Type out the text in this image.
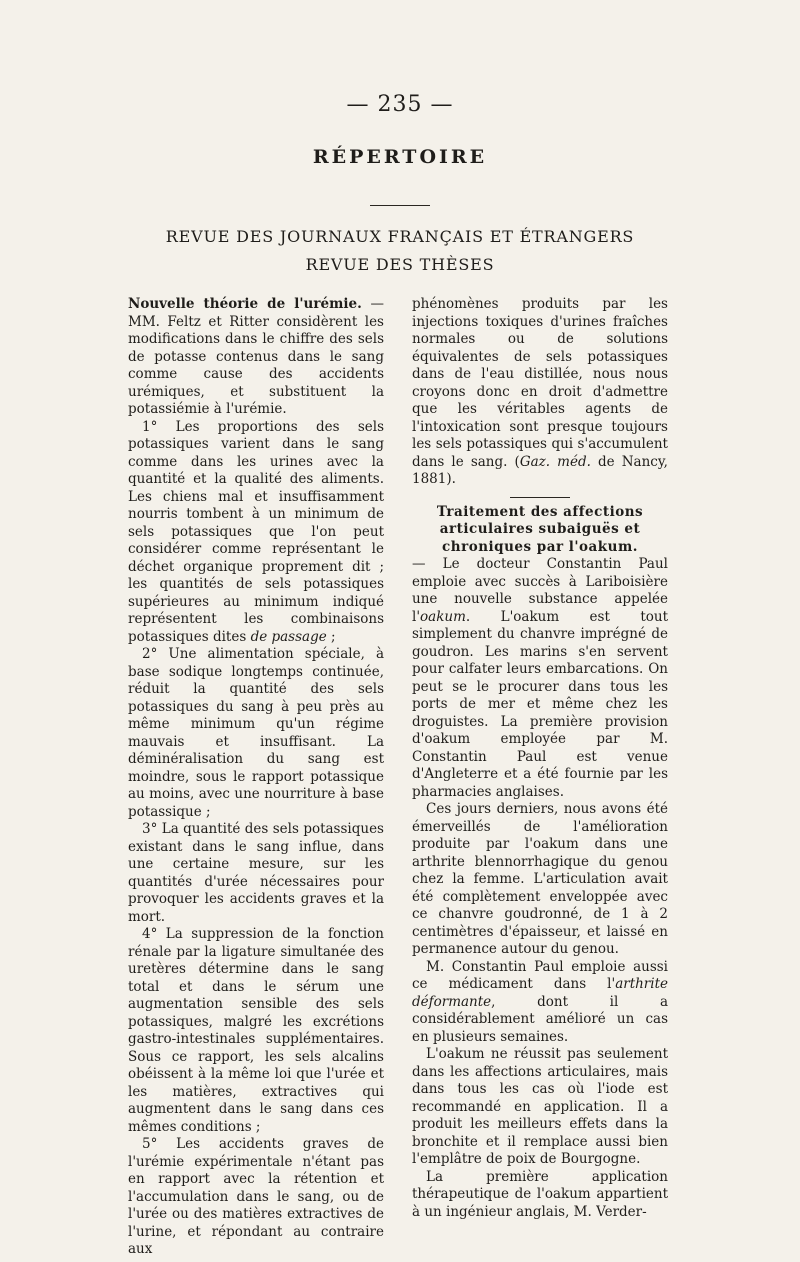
— 235 —
RÉPERTOIRE
REVUE DES JOURNAUX FRANÇAIS ET ÉTRANGERS
REVUE DES THÈSES

Nouvelle théorie de l'urémie. — MM. Feltz et Ritter considèrent les modifications dans le chiffre des sels de potasse contenus dans le sang comme cause des accidents urémiques, et substituent la potassiémie à l'urémie.

1° Les proportions des sels potassiques varient dans le sang comme dans les urines avec la quantité et la qualité des aliments. Les chiens mal et insuffisamment nourris tombent à un minimum de sels potassiques que l'on peut considérer comme représentant le déchet organique proprement dit ; les quantités de sels potassiques supérieures au minimum indiqué représentent les combinaisons potassiques dites de passage ;

2° Une alimentation spéciale, à base sodique longtemps continuée, réduit la quantité des sels potassiques du sang à peu près au même minimum qu'un régime mauvais et insuffisant. La déminéralisation du sang est moindre, sous le rapport potassique au moins, avec une nourriture à base potassique ;

3° La quantité des sels potassiques existant dans le sang influe, dans une certaine mesure, sur les quantités d'urée nécessaires pour provoquer les accidents graves et la mort.

4° La suppression de la fonction rénale par la ligature simultanée des uretères détermine dans le sang total et dans le sérum une augmentation sensible des sels potassiques, malgré les excrétions gastro-intestinales supplémentaires. Sous ce rapport, les sels alcalins obéissent à la même loi que l'urée et les matières, extractives qui augmentent dans le sang dans ces mêmes conditions ;

5° Les accidents graves de l'urémie expérimentale n'étant pas en rapport avec la rétention et l'accumulation dans le sang, ou de l'urée ou des matières extractives de l'urine, et répondant au contraire aux

phénomènes produits par les injections toxiques d'urines fraîches normales ou de solutions équivalentes de sels potassiques dans de l'eau distillée, nous nous croyons donc en droit d'admettre que les véritables agents de l'intoxication sont presque toujours les sels potassiques qui s'accumulent dans le sang. (Gaz. méd. de Nancy, 1881).

Traitement des affections articulaires subaiguës et chroniques par l'oakum.

— Le docteur Constantin Paul emploie avec succès à Lariboisière une nouvelle substance appelée l'oakum. L'oakum est tout simplement du chanvre imprégné de goudron. Les marins s'en servent pour calfater leurs embarcations. On peut se le procurer dans tous les ports de mer et même chez les droguistes. La première provision d'oakum employée par M. Constantin Paul est venue d'Angleterre et a été fournie par les pharmacies anglaises.

Ces jours derniers, nous avons été émerveillés de l'amélioration produite par l'oakum dans une arthrite blennorrhagique du genou chez la femme. L'articulation avait été complètement enveloppée avec ce chanvre goudronné, de 1 à 2 centimètres d'épaisseur, et laissé en permanence autour du genou.

M. Constantin Paul emploie aussi ce médicament dans l'arthrite déformante, dont il a considérablement amélioré un cas en plusieurs semaines.

L'oakum ne réussit pas seulement dans les affections articulaires, mais dans tous les cas où l'iode est recommandé en application. Il a produit les meilleurs effets dans la bronchite et il remplace aussi bien l'emplâtre de poix de Bourgogne.

La première application thérapeutique de l'oakum appartient à un ingénieur anglais, M. Verder-
